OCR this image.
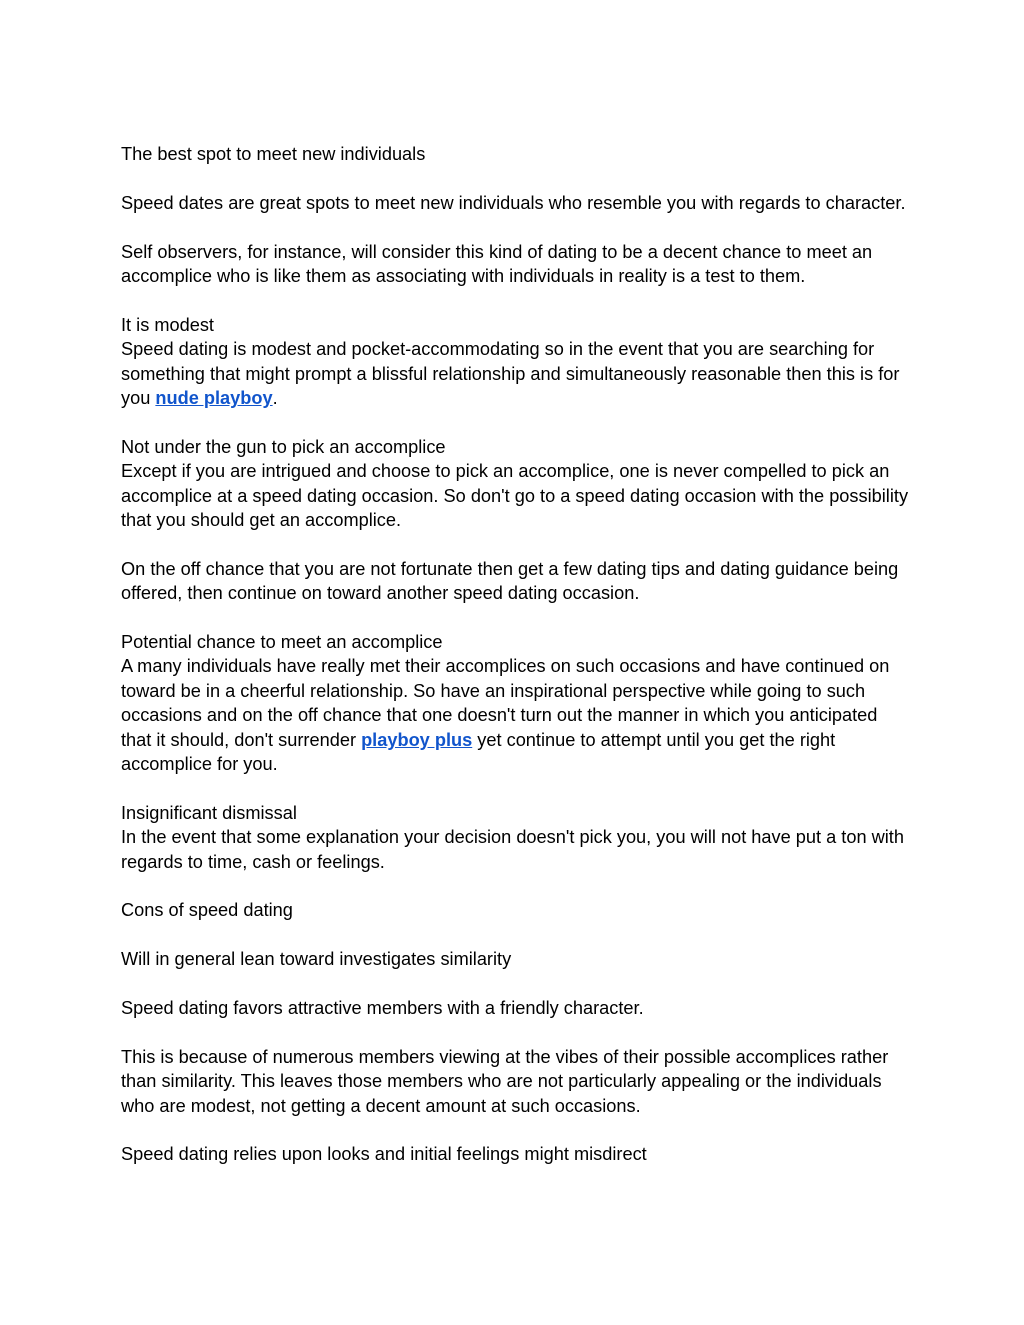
The best spot to meet new individuals

Speed dates are great spots to meet new individuals who resemble you with regards to character.

Self observers, for instance, will consider this kind of dating to be a decent chance to meet an accomplice who is like them as associating with individuals in reality is a test to them.

It is modest
Speed dating is modest and pocket-accommodating so in the event that you are searching for something that might prompt a blissful relationship and simultaneously reasonable then this is for you nude playboy.
Not under the gun to pick an accomplice
Except if you are intrigued and choose to pick an accomplice, one is never compelled to pick an accomplice at a speed dating occasion. So don't go to a speed dating occasion with the possibility that you should get an accomplice.

On the off chance that you are not fortunate then get a few dating tips and dating guidance being offered, then continue on toward another speed dating occasion.

Potential chance to meet an accomplice
A many individuals have really met their accomplices on such occasions and have continued on toward be in a cheerful relationship. So have an inspirational perspective while going to such occasions and on the off chance that one doesn't turn out the manner in which you anticipated that it should, don't surrender playboy plus yet continue to attempt until you get the right accomplice for you.
Insignificant dismissal
In the event that some explanation your decision doesn't pick you, you will not have put a ton with regards to time, cash or feelings.

Cons of speed dating

Will in general lean toward investigates similarity

Speed dating favors attractive members with a friendly character.

This is because of numerous members viewing at the vibes of their possible accomplices rather than similarity. This leaves those members who are not particularly appealing or the individuals who are modest, not getting a decent amount at such occasions.

Speed dating relies upon looks and initial feelings might misdirect
